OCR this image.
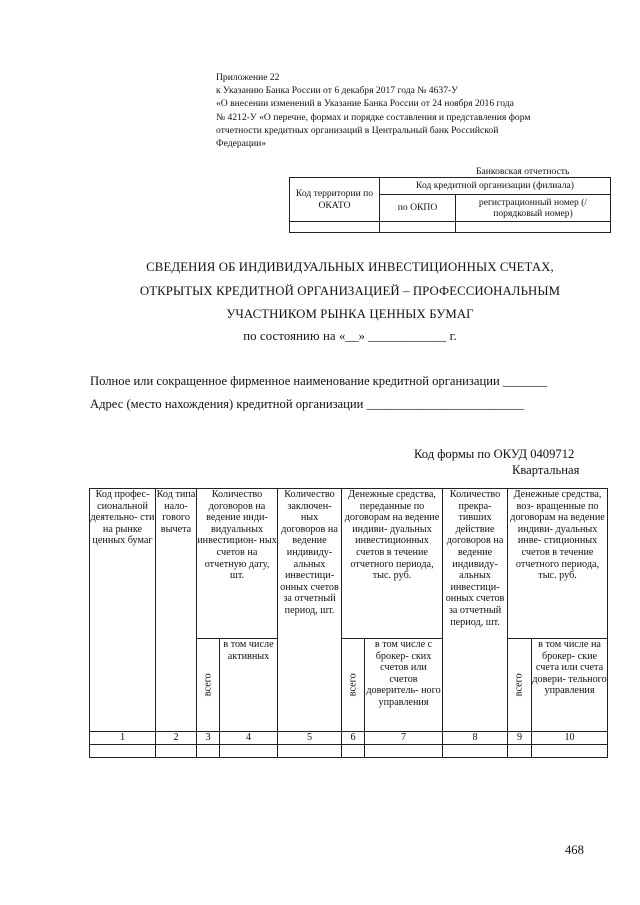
Приложение 22
к Указанию Банка России от 6 декабря 2017 года № 4637-У
«О внесении изменений в Указание Банка России от 24 ноября 2016 года
№ 4212-У «О перечне, формах и порядке составления и представления форм
отчетности кредитных организаций в Центральный банк Российской
Федерации»
Банковская отчетность
Код территории по ОКАТО	Код кредитной организации (филиала)	
	по ОКПО	регистрационный номер (/порядковый номер)

СВЕДЕНИЯ ОБ ИНДИВИДУАЛЬНЫХ ИНВЕСТИЦИОННЫХ СЧЕТАХ,
ОТКРЫТЫХ КРЕДИТНОЙ ОРГАНИЗАЦИЕЙ – ПРОФЕССИОНАЛЬНЫМ
УЧАСТНИКОМ РЫНКА ЦЕННЫХ БУМАГ
по состоянию на «__» ____________ г.
Полное или сокращенное фирменное наименование кредитной организации _______
Адрес (место нахождения) кредитной организации _________________________
Код формы по ОКУД 0409712
Квартальная
Код профес- сиональной деятельно- сти на рынке ценных бумаг	Код типа нало- гового вычета	Количество договоров на ведение инди- видуальных инвестицион- ных счетов на отчетную дату, шт.		Количество заключен- ных договоров на ведение индивиду- альных инвестици- онных счетов за отчетный период, шт.	Денежные средства, переданные по договорам на ведение индиви- дуальных инвестиционных счетов в течение отчетного периода, тыс. руб.		Количество прекра- тивших действие договоров на ведение индивиду- альных инвестици- онных счетов за отчетный период, шт.	Денежные средства, воз- вращенные по договорам на ведение индиви- дуальных инве- стиционных счетов в течение отчетного периода, тыс. руб.	
		всего	в том числе активных		всего	в том числе с брокер- ских счетов или счетов доверитель- ного управления		всего	в том числе на брокер- ские счета или счета довери- тельного управления
1	2	3	4	5	6	7	8	9	10

468
